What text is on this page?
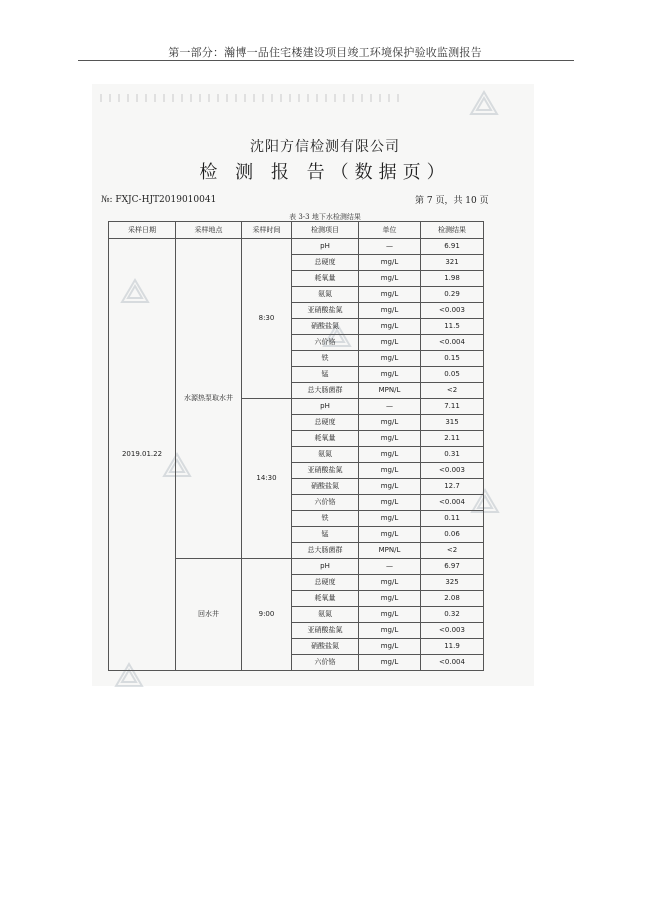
第一部分：瀚博一品住宅楼建设项目竣工环境保护验收监测报告
沈阳方信检测有限公司
检 测 报 告（数据页）
№: FXJC-HJT2019010041	第 7 页，共 10 页
表 3-3 地下水检测结果
采样日期	采样地点	采样时间	检测项目	单位	检测结果
2019.01.22	水源热泵取水井	8:30	pH	—	6.91
			总硬度	mg/L	321
			耗氧量	mg/L	1.98
			氨氮	mg/L	0.29
			亚硝酸盐氮	mg/L	<0.003
			硝酸盐氮	mg/L	11.5
			六价铬	mg/L	<0.004
			铁	mg/L	0.15
			锰	mg/L	0.05
			总大肠菌群	MPN/L	<2
		14:30	pH	—	7.11
			总硬度	mg/L	315
			耗氧量	mg/L	2.11
			氨氮	mg/L	0.31
			亚硝酸盐氮	mg/L	<0.003
			硝酸盐氮	mg/L	12.7
			六价铬	mg/L	<0.004
			铁	mg/L	0.11
			锰	mg/L	0.06
			总大肠菌群	MPN/L	<2
	回水井	9:00	pH	—	6.97
			总硬度	mg/L	325
			耗氧量	mg/L	2.08
			氨氮	mg/L	0.32
			亚硝酸盐氮	mg/L	<0.003
			硝酸盐氮	mg/L	11.9
			六价铬	mg/L	<0.004
